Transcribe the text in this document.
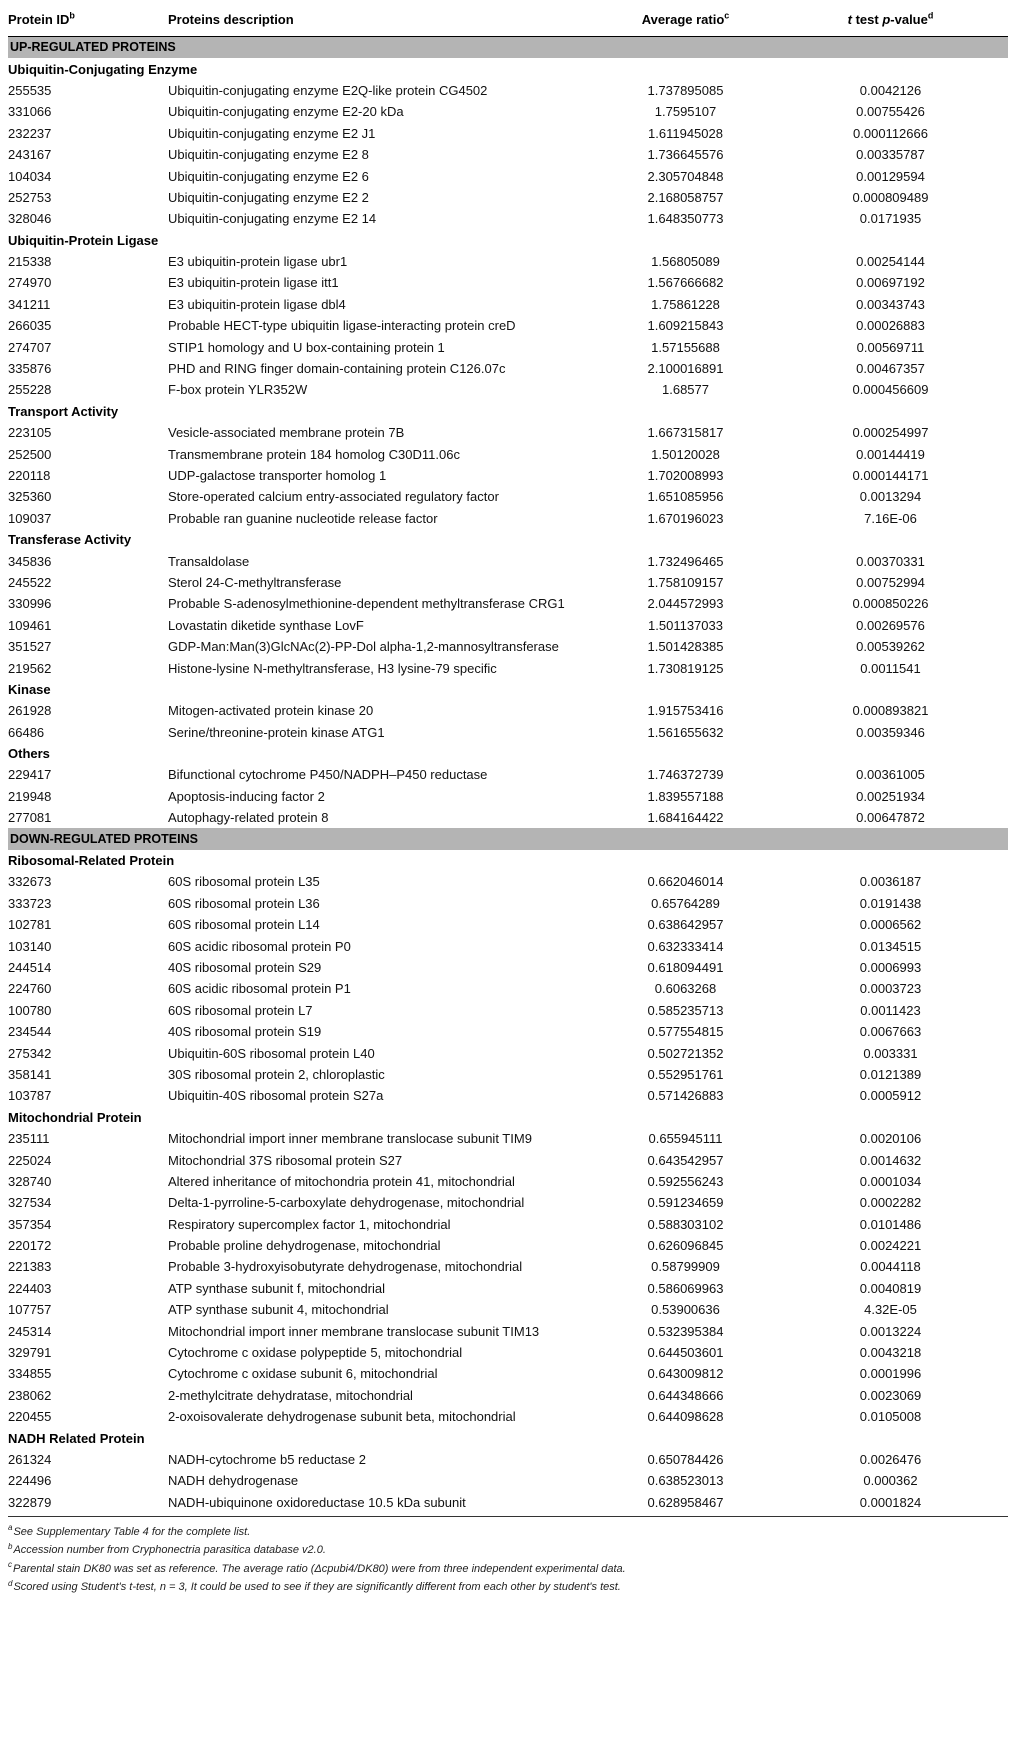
Protein $ID^b$	Proteins description	Average ratio$^c$	t test p-value$^d$
UP-REGULATED PROTEINS			
Ubiquitin-Conjugating Enzyme			
255535	Ubiquitin-conjugating enzyme E2Q-like protein CG4502	1.737895085	0.0042126
331066	Ubiquitin-conjugating enzyme E2-20 kDa	1.7595107	0.00755426
232237	Ubiquitin-conjugating enzyme E2 J1	1.611945028	0.000112666
243167	Ubiquitin-conjugating enzyme E2 8	1.736645576	0.00335787
104034	Ubiquitin-conjugating enzyme E2 6	2.305704848	0.00129594
252753	Ubiquitin-conjugating enzyme E2 2	2.168058757	0.000809489
328046	Ubiquitin-conjugating enzyme E2 14	1.648350773	0.0171935
Ubiquitin-Protein Ligase			
215338	E3 ubiquitin-protein ligase ubr1	1.56805089	0.00254144
274970	E3 ubiquitin-protein ligase itt1	1.567666682	0.00697192
341211	E3 ubiquitin-protein ligase dbl4	1.75861228	0.00343743
266035	Probable HECT-type ubiquitin ligase-interacting protein creD	1.609215843	0.00026883
274707	STIP1 homology and U box-containing protein 1	1.57155688	0.00569711
335876	PHD and RING finger domain-containing protein C126.07c	2.100016891	0.00467357
255228	F-box protein YLR352W	1.68577	0.000456609
Transport Activity			
223105	Vesicle-associated membrane protein 7B	1.667315817	0.000254997
252500	Transmembrane protein 184 homolog C30D11.06c	1.50120028	0.00144419
220118	UDP-galactose transporter homolog 1	1.702008993	0.000144171
325360	Store-operated calcium entry-associated regulatory factor	1.651085956	0.0013294
109037	Probable ran guanine nucleotide release factor	1.670196023	7.16E-06
Transferase Activity			
345836	Transaldolase	1.732496465	0.00370331
245522	Sterol 24-C-methyltransferase	1.758109157	0.00752994
330996	Probable S-adenosylmethionine-dependent methyltransferase CRG1	2.044572993	0.000850226
109461	Lovastatin diketide synthase LovF	1.501137033	0.00269576
351527	GDP-Man:Man(3)GlcNAc(2)-PP-Dol alpha-1,2-mannosyltransferase	1.501428385	0.00539262
219562	Histone-lysine N-methyltransferase, H3 lysine-79 specific	1.730819125	0.0011541
Kinase			
261928	Mitogen-activated protein kinase 20	1.915753416	0.000893821
66486	Serine/threonine-protein kinase ATG1	1.561655632	0.00359346
Others			
229417	Bifunctional cytochrome P450/NADPH–P450 reductase	1.746372739	0.00361005
219948	Apoptosis-inducing factor 2	1.839557188	0.00251934
277081	Autophagy-related protein 8	1.684164422	0.00647872
DOWN-REGULATED PROTEINS			
Ribosomal-Related Protein			
332673	60S ribosomal protein L35	0.662046014	0.0036187
333723	60S ribosomal protein L36	0.65764289	0.0191438
102781	60S ribosomal protein L14	0.638642957	0.0006562
103140	60S acidic ribosomal protein P0	0.632333414	0.0134515
244514	40S ribosomal protein S29	0.618094491	0.0006993
224760	60S acidic ribosomal protein P1	0.6063268	0.0003723
100780	60S ribosomal protein L7	0.585235713	0.0011423
234544	40S ribosomal protein S19	0.577554815	0.0067663
275342	Ubiquitin-60S ribosomal protein L40	0.502721352	0.003331
358141	30S ribosomal protein 2, chloroplastic	0.552951761	0.0121389
103787	Ubiquitin-40S ribosomal protein S27a	0.571426883	0.0005912
Mitochondrial Protein			
235111	Mitochondrial import inner membrane translocase subunit TIM9	0.655945111	0.0020106
225024	Mitochondrial 37S ribosomal protein S27	0.643542957	0.0014632
328740	Altered inheritance of mitochondria protein 41, mitochondrial	0.592556243	0.0001034
327534	Delta-1-pyrroline-5-carboxylate dehydrogenase, mitochondrial	0.591234659	0.0002282
357354	Respiratory supercomplex factor 1, mitochondrial	0.588303102	0.0101486
220172	Probable proline dehydrogenase, mitochondrial	0.626096845	0.0024221
221383	Probable 3-hydroxyisobutyrate dehydrogenase, mitochondrial	0.58799909	0.0044118
224403	ATP synthase subunit f, mitochondrial	0.586069963	0.0040819
107757	ATP synthase subunit 4, mitochondrial	0.53900636	4.32E-05
245314	Mitochondrial import inner membrane translocase subunit TIM13	0.532395384	0.0013224
329791	Cytochrome c oxidase polypeptide 5, mitochondrial	0.644503601	0.0043218
334855	Cytochrome c oxidase subunit 6, mitochondrial	0.643009812	0.0001996
238062	2-methylcitrate dehydratase, mitochondrial	0.644348666	0.0023069
220455	2-oxoisovalerate dehydrogenase subunit beta, mitochondrial	0.644098628	0.0105008
NADH Related Protein			
261324	NADH-cytochrome b5 reductase 2	0.650784426	0.0026476
224496	NADH dehydrogenase	0.638523013	0.000362
322879	NADH-ubiquinone oxidoreductase 10.5 kDa subunit	0.628958467	0.0001824
$^a$See Supplementary Table 4 for the complete list.
$^b$Accession number from Cryphonectria parasitica database v2.0.
$^c$Parental stain DK80 was set as reference. The average ratio (Δcpubi4/DK80) were from three independent experimental data.
$^d$Scored using Student's t-test, n = 3, It could be used to see if they are significantly different from each other by student's test.
